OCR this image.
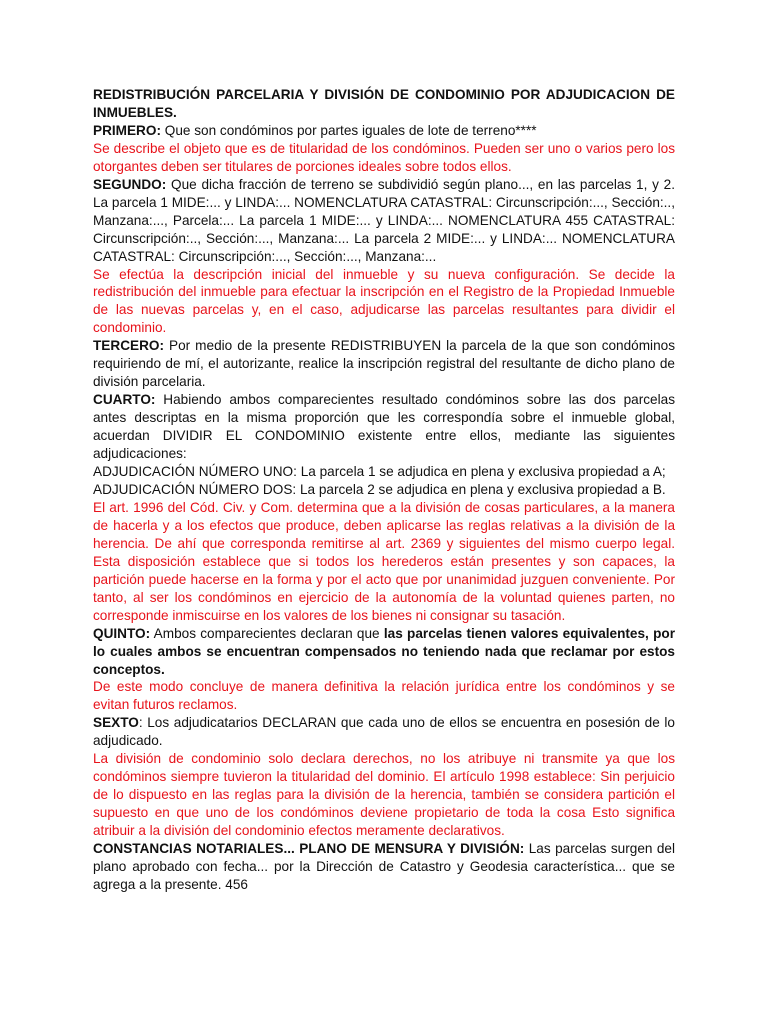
REDISTRIBUCIÓN PARCELARIA Y DIVISIÓN DE CONDOMINIO POR ADJUDICACION DE INMUEBLES.

PRIMERO: Que son condóminos por partes iguales de lote de terreno****

Se describe el objeto que es de titularidad de los condóminos. Pueden ser uno o varios pero los otorgantes deben ser titulares de porciones ideales sobre todos ellos.

SEGUNDO: Que dicha fracción de terreno se subdividió según plano..., en las parcelas 1, y 2. La parcela 1 MIDE:... y LINDA:... NOMENCLATURA CATASTRAL: Circunscripción:..., Sección:.., Manzana:..., Parcela:... La parcela 1 MIDE:... y LINDA:... NOMENCLATURA 455 CATASTRAL: Circunscripción:.., Sección:..., Manzana:... La parcela 2 MIDE:... y LINDA:... NOMENCLATURA CATASTRAL: Circunscripción:..., Sección:..., Manzana:...

Se efectúa la descripción inicial del inmueble y su nueva configuración. Se decide la redistribución del inmueble para efectuar la inscripción en el Registro de la Propiedad Inmueble de las nuevas parcelas y, en el caso, adjudicarse las parcelas resultantes para dividir el condominio.

TERCERO: Por medio de la presente REDISTRIBUYEN la parcela de la que son condóminos requiriendo de mí, el autorizante, realice la inscripción registral del resultante de dicho plano de división parcelaria.

CUARTO: Habiendo ambos comparecientes resultado condóminos sobre las dos parcelas antes descriptas en la misma proporción que les correspondía sobre el inmueble global, acuerdan DIVIDIR EL CONDOMINIO existente entre ellos, mediante las siguientes adjudicaciones:

ADJUDICACIÓN NÚMERO UNO: La parcela 1 se adjudica en plena y exclusiva propiedad a A;

ADJUDICACIÓN NÚMERO DOS: La parcela 2 se adjudica en plena y exclusiva propiedad a B.

El art. 1996 del Cód. Civ. y Com. determina que a la división de cosas particulares, a la manera de hacerla y a los efectos que produce, deben aplicarse las reglas relativas a la división de la herencia. De ahí que corresponda remitirse al art. 2369 y siguientes del mismo cuerpo legal. Esta disposición establece que si todos los herederos están presentes y son capaces, la partición puede hacerse en la forma y por el acto que por unanimidad juzguen conveniente. Por tanto, al ser los condóminos en ejercicio de la autonomía de la voluntad quienes parten, no corresponde inmiscuirse en los valores de los bienes ni consignar su tasación.

QUINTO: Ambos comparecientes declaran que las parcelas tienen valores equivalentes, por lo cuales ambos se encuentran compensados no teniendo nada que reclamar por estos conceptos.

De este modo concluye de manera definitiva la relación jurídica entre los condóminos y se evitan futuros reclamos.

SEXTO: Los adjudicatarios DECLARAN que cada uno de ellos se encuentra en posesión de lo adjudicado.

La división de condominio solo declara derechos, no los atribuye ni transmite ya que los condóminos siempre tuvieron la titularidad del dominio. El artículo 1998 establece: Sin perjuicio de lo dispuesto en las reglas para la división de la herencia, también se considera partición el supuesto en que uno de los condóminos deviene propietario de toda la cosa Esto significa atribuir a la división del condominio efectos meramente declarativos.

CONSTANCIAS NOTARIALES... PLANO DE MENSURA Y DIVISIÓN: Las parcelas surgen del plano aprobado con fecha... por la Dirección de Catastro y Geodesia característica... que se agrega a la presente. 456
